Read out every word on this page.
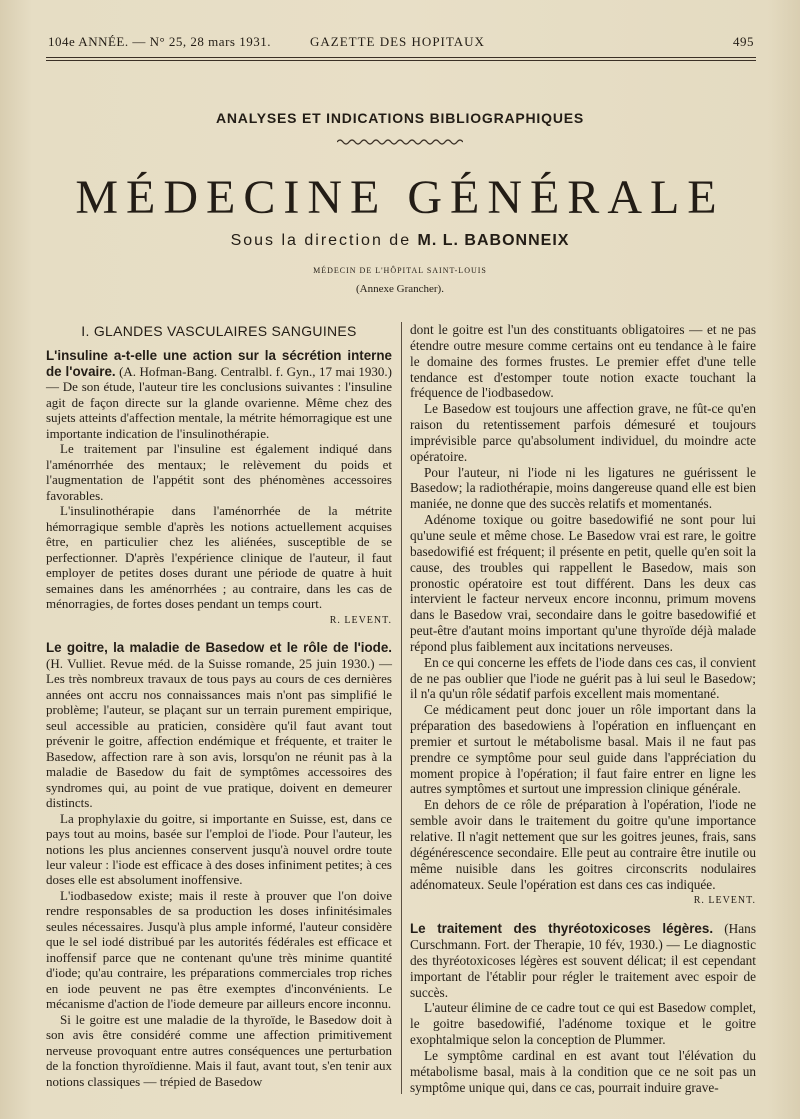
104e ANNÉE. — N° 25, 28 mars 1931.	GAZETTE DES HOPITAUX	495
ANALYSES ET INDICATIONS BIBLIOGRAPHIQUES
MÉDECINE GÉNÉRALE
Sous la direction de M. L. BABONNEIX
MÉDECIN DE L'HÔPITAL SAINT-LOUIS
(Annexe Grancher).
I. GLANDES VASCULAIRES SANGUINES

L'insuline a-t-elle une action sur la sécrétion interne de l'ovaire. (A. Hofman-Bang. Centralbl. f. Gyn., 17 mai 1930.) — De son étude, l'auteur tire les conclusions suivantes : l'insuline agit de façon directe sur la glande ovarienne. Même chez des sujets atteints d'affection mentale, la métrite hémorragique est une importante indication de l'insulinothérapie.

Le traitement par l'insuline est également indiqué dans l'aménorrhée des mentaux; le relèvement du poids et l'augmentation de l'appétit sont des phénomènes accessoires favorables.

L'insulinothérapie dans l'aménorrhée de la métrite hémorragique semble d'après les notions actuellement acquises être, en particulier chez les aliénées, susceptible de se perfectionner. D'après l'expérience clinique de l'auteur, il faut employer de petites doses durant une période de quatre à huit semaines dans les aménorrhées ; au contraire, dans les cas de ménorragies, de fortes doses pendant un temps court.

R. LEVENT.

Le goitre, la maladie de Basedow et le rôle de l'iode. (H. Vulliet. Revue méd. de la Suisse romande, 25 juin 1930.) — Les très nombreux travaux de tous pays au cours de ces dernières années ont accru nos connaissances mais n'ont pas simplifié le problème; l'auteur, se plaçant sur un terrain purement empirique, seul accessible au praticien, considère qu'il faut avant tout prévenir le goitre, affection endémique et fréquente, et traiter le Basedow, affection rare à son avis, lorsqu'on ne réunit pas à la maladie de Basedow du fait de symptômes accessoires des syndromes qui, au point de vue pratique, doivent en demeurer distincts.

La prophylaxie du goitre, si importante en Suisse, est, dans ce pays tout au moins, basée sur l'emploi de l'iode. Pour l'auteur, les notions les plus anciennes conservent jusqu'à nouvel ordre toute leur valeur : l'iode est efficace à des doses infiniment petites; à ces doses elle est absolument inoffensive.

L'iodbasedow existe; mais il reste à prouver que l'on doive rendre responsables de sa production les doses infinitésimales seules nécessaires. Jusqu'à plus ample informé, l'auteur considère que le sel iodé distribué par les autorités fédérales est efficace et inoffensif parce que ne contenant qu'une très minime quantité d'iode; qu'au contraire, les préparations commerciales trop riches en iode peuvent ne pas être exemptes d'inconvénients. Le mécanisme d'action de l'iode demeure par ailleurs encore inconnu.

Si le goitre est une maladie de la thyroïde, le Basedow doit à son avis être considéré comme une affection primitivement nerveuse provoquant entre autres conséquences une perturbation de la fonction thyroïdienne. Mais il faut, avant tout, s'en tenir aux notions classiques — trépied de Basedow

dont le goitre est l'un des constituants obligatoires — et ne pas étendre outre mesure comme certains ont eu tendance à le faire le domaine des formes frustes. Le premier effet d'une telle tendance est d'estomper toute notion exacte touchant la fréquence de l'iodbasedow.

Le Basedow est toujours une affection grave, ne fût-ce qu'en raison du retentissement parfois démesuré et toujours imprévisible parce qu'absolument individuel, du moindre acte opératoire.

Pour l'auteur, ni l'iode ni les ligatures ne guérissent le Basedow; la radiothérapie, moins dangereuse quand elle est bien maniée, ne donne que des succès relatifs et momentanés.

Adénome toxique ou goitre basedowifié ne sont pour lui qu'une seule et même chose. Le Basedow vrai est rare, le goitre basedowifié est fréquent; il présente en petit, quelle qu'en soit la cause, des troubles qui rappellent le Basedow, mais son pronostic opératoire est tout différent. Dans les deux cas intervient le facteur nerveux encore inconnu, primum movens dans le Basedow vrai, secondaire dans le goitre basedowifié et peut-être d'autant moins important qu'une thyroïde déjà malade répond plus faiblement aux incitations nerveuses.

En ce qui concerne les effets de l'iode dans ces cas, il convient de ne pas oublier que l'iode ne guérit pas à lui seul le Basedow; il n'a qu'un rôle sédatif parfois excellent mais momentané.

Ce médicament peut donc jouer un rôle important dans la préparation des basedowiens à l'opération en influençant en premier et surtout le métabolisme basal. Mais il ne faut pas prendre ce symptôme pour seul guide dans l'appréciation du moment propice à l'opération; il faut faire entrer en ligne les autres symptômes et surtout une impression clinique générale.

En dehors de ce rôle de préparation à l'opération, l'iode ne semble avoir dans le traitement du goitre qu'une importance relative. Il n'agit nettement que sur les goitres jeunes, frais, sans dégénérescence secondaire. Elle peut au contraire être inutile ou même nuisible dans les goitres circonscrits nodulaires adénomateux. Seule l'opération est dans ces cas indiquée.

R. LEVENT.

Le traitement des thyréotoxicoses légères. (Hans Curschmann. Fort. der Therapie, 10 fév, 1930.) — Le diagnostic des thyréotoxicoses légères est souvent délicat; il est cependant important de l'établir pour régler le traitement avec espoir de succès.

L'auteur élimine de ce cadre tout ce qui est Basedow complet, le goitre basedowifié, l'adénome toxique et le goitre exophtalmique selon la conception de Plummer.

Le symptôme cardinal en est avant tout l'élévation du métabolisme basal, mais à la condition que ce ne soit pas un symptôme unique qui, dans ce cas, pourrait induire grave-
